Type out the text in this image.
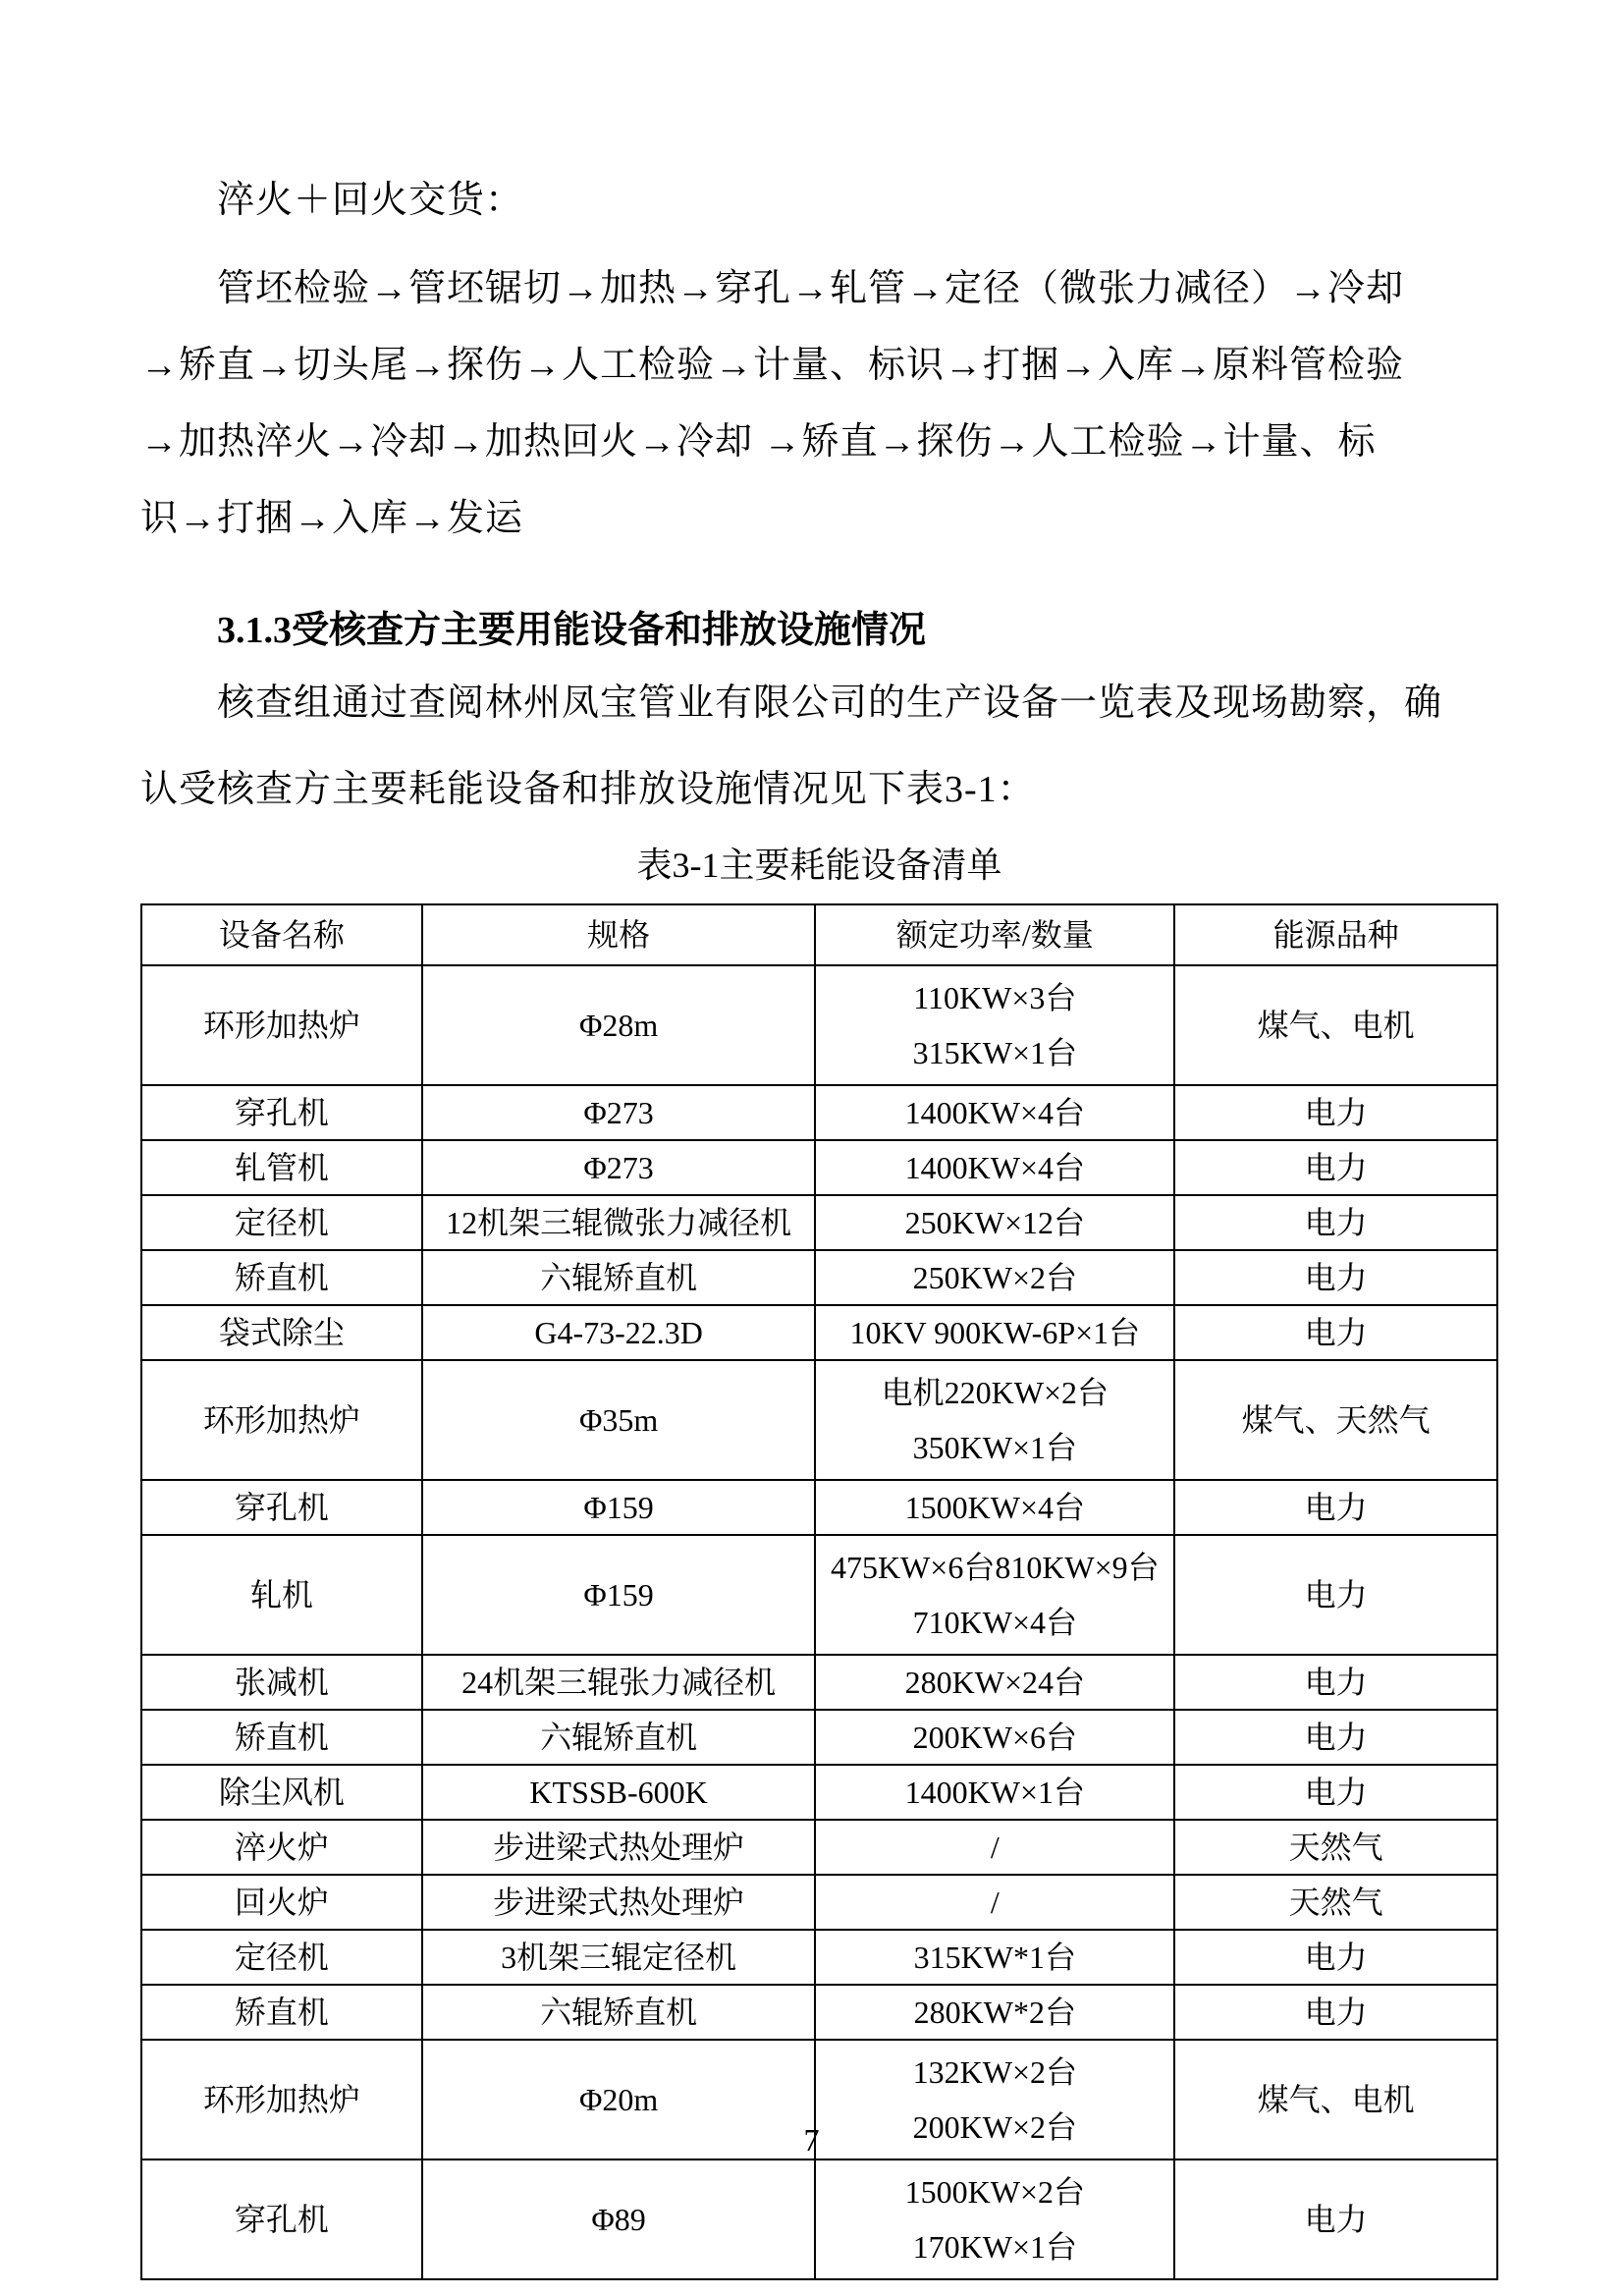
淬火＋回火交货：
管坯检验→管坯锯切→加热→穿孔→轧管→定径（微张力减径）→冷却
→矫直→切头尾→探伤→人工检验→计量、标识→打捆→入库→原料管检验
→加热淬火→冷却→加热回火→冷却 →矫直→探伤→人工检验→计量、标
识→打捆→入库→发运
3.1.3受核查方主要用能设备和排放设施情况
核查组通过查阅林州凤宝管业有限公司的生产设备一览表及现场勘察，确
认受核查方主要耗能设备和排放设施情况见下表3-1：
表3-1主要耗能设备清单
设备名称	规格	额定功率/数量	能源品种
环形加热炉	Φ28m	110KW×3台
315KW×1台	煤气、电机
穿孔机	Φ273	1400KW×4台	电力
轧管机	Φ273	1400KW×4台	电力
定径机	12机架三辊微张力减径机	250KW×12台	电力
矫直机	六辊矫直机	250KW×2台	电力
袋式除尘	G4-73-22.3D	10KV 900KW-6P×1台	电力
环形加热炉	Φ35m	电机220KW×2台
350KW×1台	煤气、天然气
穿孔机	Φ159	1500KW×4台	电力
轧机	Φ159	475KW×6台810KW×9台
710KW×4台	电力
张减机	24机架三辊张力减径机	280KW×24台	电力
矫直机	六辊矫直机	200KW×6台	电力
除尘风机	KTSSB-600K	1400KW×1台	电力
淬火炉	步进梁式热处理炉	/	天然气
回火炉	步进梁式热处理炉	/	天然气
定径机	3机架三辊定径机	315KW*1台	电力
矫直机	六辊矫直机	280KW*2台	电力
环形加热炉	Φ20m	132KW×2台
200KW×2台	煤气、电机
穿孔机	Φ89	1500KW×2台
170KW×1台	电力
7
